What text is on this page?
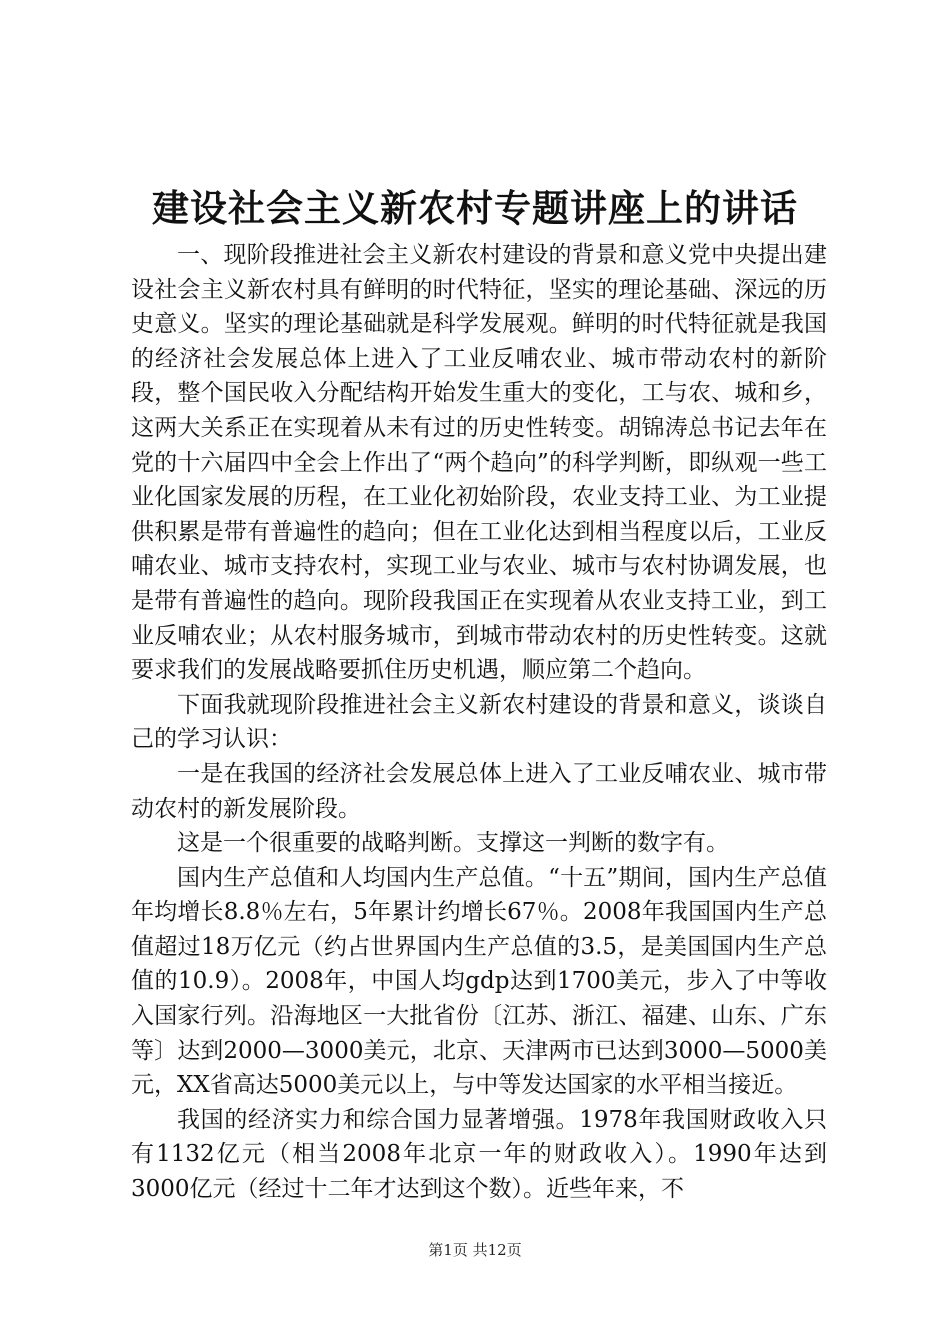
建设社会主义新农村专题讲座上的讲话

一、现阶段推进社会主义新农村建设的背景和意义党中央提出建设社会主义新农村具有鲜明的时代特征，坚实的理论基础、深远的历史意义。坚实的理论基础就是科学发展观。鲜明的时代特征就是我国的经济社会发展总体上进入了工业反哺农业、城市带动农村的新阶段，整个国民收入分配结构开始发生重大的变化，工与农、城和乡，这两大关系正在实现着从未有过的历史性转变。胡锦涛总书记去年在党的十六届四中全会上作出了“两个趋向”的科学判断，即纵观一些工业化国家发展的历程，在工业化初始阶段，农业支持工业、为工业提供积累是带有普遍性的趋向；但在工业化达到相当程度以后，工业反哺农业、城市支持农村，实现工业与农业、城市与农村协调发展，也是带有普遍性的趋向。现阶段我国正在实现着从农业支持工业，到工业反哺农业；从农村服务城市，到城市带动农村的历史性转变。这就要求我们的发展战略要抓住历史机遇，顺应第二个趋向。

下面我就现阶段推进社会主义新农村建设的背景和意义，谈谈自己的学习认识：

一是在我国的经济社会发展总体上进入了工业反哺农业、城市带动农村的新发展阶段。

这是一个很重要的战略判断。支撑这一判断的数字有。

国内生产总值和人均国内生产总值。“十五”期间，国内生产总值年均增长8.8％左右，5年累计约增长67％。2008年我国国内生产总值超过18万亿元（约占世界国内生产总值的3.5，是美国国内生产总值的10.9）。2008年，中国人均gdp达到1700美元，步入了中等收入国家行列。沿海地区一大批省份〔江苏、浙江、福建、山东、广东等〕达到2000—3000美元，北京、天津两市已达到3000—5000美元，XX省高达5000美元以上，与中等发达国家的水平相当接近。

我国的经济实力和综合国力显著增强。1978年我国财政收入只有1132亿元（相当2008年北京一年的财政收入）。1990年达到3000亿元（经过十二年才达到这个数）。近些年来，不

第1页 共12页
